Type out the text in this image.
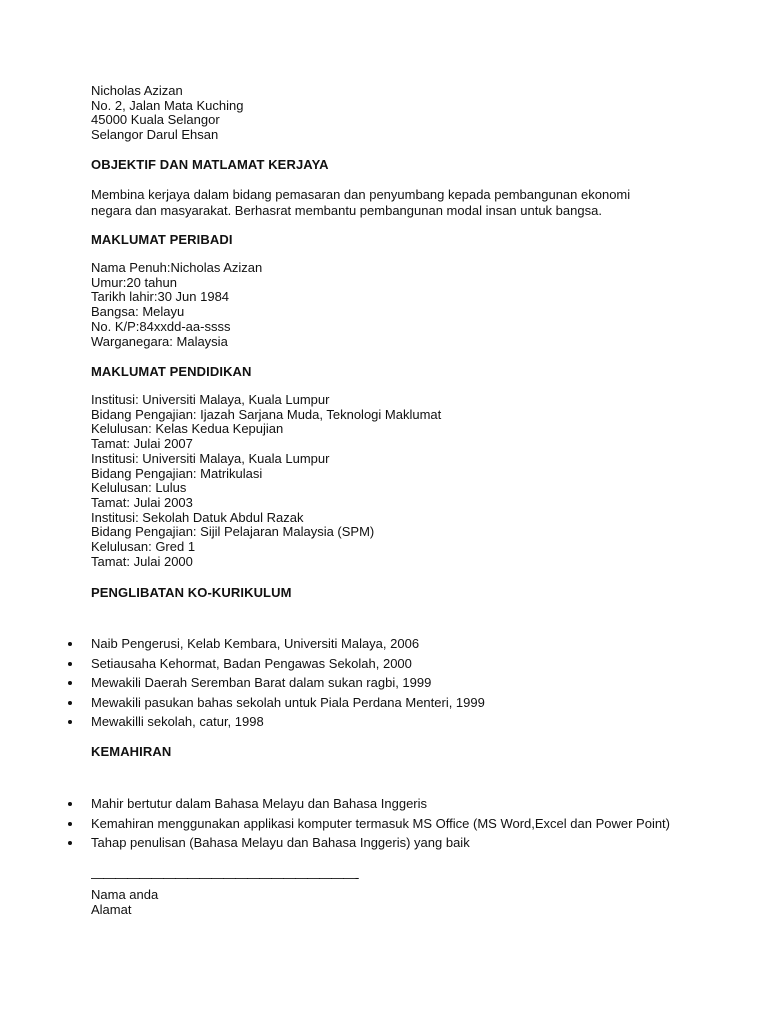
Nicholas Azizan
No. 2, Jalan Mata Kuching
45000 Kuala Selangor
Selangor Darul Ehsan
OBJEKTIF DAN MATLAMAT KERJAYA
Membina kerjaya dalam bidang pemasaran dan penyumbang kepada pembangunan ekonomi
negara dan masyarakat. Berhasrat membantu pembangunan modal insan untuk bangsa.
MAKLUMAT PERIBADI
Nama Penuh:Nicholas Azizan
Umur:20 tahun
Tarikh lahir:30 Jun 1984
Bangsa: Melayu
No. K/P:84xxdd-aa-ssss
Warganegara: Malaysia
MAKLUMAT PENDIDIKAN
Institusi: Universiti Malaya, Kuala Lumpur
Bidang Pengajian: Ijazah Sarjana Muda, Teknologi Maklumat
Kelulusan: Kelas Kedua Kepujian
Tamat: Julai 2007
Institusi: Universiti Malaya, Kuala Lumpur
Bidang Pengajian: Matrikulasi
Kelulusan: Lulus
Tamat: Julai 2003
Institusi: Sekolah Datuk Abdul Razak
Bidang Pengajian: Sijil Pelajaran Malaysia (SPM)
Kelulusan: Gred 1
Tamat: Julai 2000
PENGLIBATAN KO-KURIKULUM
Naib Pengerusi, Kelab Kembara, Universiti Malaya, 2006
Setiausaha Kehormat, Badan Pengawas Sekolah, 2000
Mewakili Daerah Seremban Barat dalam sukan ragbi, 1999
Mewakili pasukan bahas sekolah untuk Piala Perdana Menteri, 1999
Mewakilli sekolah, catur, 1998
KEMAHIRAN
Mahir bertutur dalam Bahasa Melayu dan Bahasa Inggeris
Kemahiran menggunakan applikasi komputer termasuk MS Office (MS Word,Excel dan Power Point)
Tahap penulisan (Bahasa Melayu dan Bahasa Inggeris) yang baik
——————————————————————-
Nama anda
Alamat
